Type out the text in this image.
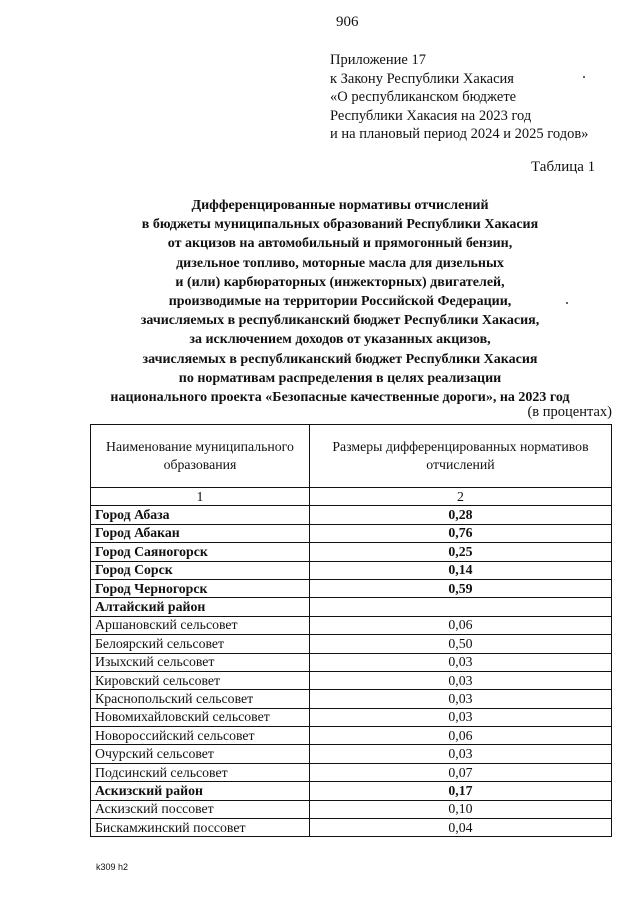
906
Приложение 17
к Закону Республики Хакасия
«О республиканском бюджете
Республики Хакасия на 2023 год
и на плановый период 2024 и 2025 годов»
Таблица 1
Дифференцированные нормативы отчислений
в бюджеты муниципальных образований Республики Хакасия
от акцизов на автомобильный и прямогонный бензин,
дизельное топливо, моторные масла для дизельных
и (или) карбюраторных (инжекторных) двигателей,
производимые на территории Российской Федерации,
зачисляемых в республиканский бюджет Республики Хакасия,
за исключением доходов от указанных акцизов,
зачисляемых в республиканский бюджет Республики Хакасия
по нормативам распределения в целях реализации
национального проекта «Безопасные качественные дороги», на 2023 год
(в процентах)
Наименование муниципального образования	Размеры дифференцированных нормативов отчислений
1	2
Город Абаза	0,28
Город Абакан	0,76
Город Саяногорск	0,25
Город Сорск	0,14
Город Черногорск	0,59
Алтайский район	
Аршановский сельсовет	0,06
Белоярский сельсовет	0,50
Изыхский сельсовет	0,03
Кировский сельсовет	0,03
Краснопольский сельсовет	0,03
Новомихайловский сельсовет	0,03
Новороссийский сельсовет	0,06
Очурский сельсовет	0,03
Подсинский сельсовет	0,07
Аскизский район	0,17
Аскизский поссовет	0,10
Бискамжинский поссовет	0,04
k309 h2
